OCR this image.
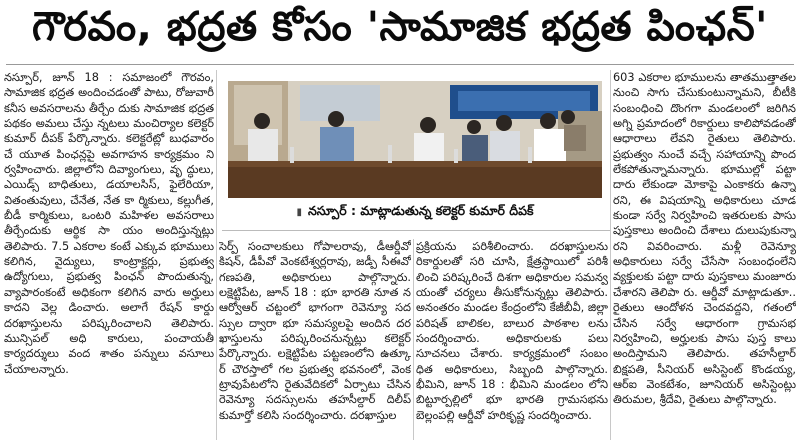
గౌరవం, భద్రత కోసం 'సామాజిక భద్రత పింఛన్'

నస్పూర్, జూన్ 18 : సమాజంలో గౌరవం, సామాజిక భద్రత అందించడంతో పాటు, రోజువారీ కనీస అవసరాలను తీర్చేం దుకు సామాజిక భద్రత పథకం అమలు చేస్తు న్నటలు మంచిర్యాల కలెక్టర్ కుమార్ దీపక్ పేర్కొన్నారు. కలెక్టరేట్లో బుధవారం చే యూత పింఛన్లపై అవగాహన కార్యక్రమం ని ర్వహించారు. జిల్లాలోని దివ్యాంగులు, వృ ద్ధులు, ఎయిడ్స్ బాధితులు, డయాలసిస్, ఫైలేరియా, వితంతువులు, చేనేత, నేత కా ర్మికులు, కల్లుగీత, బీడీ కార్మికులు, ఒంటరి మహిళల అవసరాలు తీర్చేందుకు ఆర్థిక సా యం అందిస్తున్నట్లు తెలిపారు. 7.5 ఎకరాల కంటే ఎక్కువ భూములు కలిగిన, వైద్యులు, కాంట్రాక్టర్లు, ప్రభుత్వ ఉద్యోగులు, ప్రభుత్వ పింఛన్ పొందుతున్న, వ్యాపారంకంటే అధికంగా కలిగిన వారు అర్హులు కాదని వెల్ల డించారు. అలాగే రేషన్ కార్డు దరఖాస్తులను పరిష్కరించాలని తెలిపారు. మున్సిపల్ అధి కారులు, పంచాయతీ కార్యదర్శులు వంద శాతం పన్నులు వసూలు చేయాలన్నారు.

▮ నస్పూర్ : మాట్లాడుతున్న కలెక్టర్ కుమార్ దీపక్

సెర్ప్ సంచాలకులు గోపాలరావు, డీఆర్డీవో కిషన్, డీపీవో వెంకటేశ్వర్లరావు, జడ్పీ సీఈవో గణపతి, అధికారులు పాల్గొన్నారు. లక్షెట్టిపేట, జూన్ 18 : భూ భారతి నూత న ఆర్వోఆర్ చట్టంలో భాగంగా రెవెన్యూ సద స్సుల ద్వారా భూ సమస్యలపై అందిన దర ఖాస్తులను పరిష్కరించనున్నట్లు కలెక్టర్ పేర్కొన్నారు. లక్షెట్టిపేట పట్టణంలోని ఉత్కూ ర్ చౌరస్తాలో గల ప్రభుత్వ భవనంలో, వెంక ట్రావుపేటలోని రైతువేదికలో ఏర్పాటు చేసిన రెవెన్యూ సదస్సులను తహసీల్దార్ దిలీప్ కుమార్తో కలిసి సందర్శించారు. దరఖాస్తుల

ప్రక్రియను పరిశీలించారు. దరఖాస్తులను రికార్డులతో సరి చూసి, క్షేత్రస్థాయిలో పరిశీ లించి పరిష్కరించే దిశగా అధికారుల సమన్వ యంతో చర్యలు తీసుకోనున్నట్లు తెలిపారు. అనంతరం మండల కేంద్రంలోని కేజీబీవీ, జిల్లా పరిషత్ బాలికల, బాలుర పాఠశాల లను సందర్శించారు. అధికారులకు పలు సూచనలు చేశారు. కార్యక్రమంలో సంబం ధిత అధికారులు, సిబ్బంది పాల్గొన్నారు. భీమిని, జూన్ 18 : భీమిని మండలం లోని బిట్టూర్పల్లిలో భూ భారతి గ్రామసభను బెల్లంపల్లి ఆర్డీవో హరికృష్ణ సందర్శించారు.

603 ఎకరాల భూములను తాతముత్తాతల నుంచి సాగు చేసుకుంటున్నామని, బీటీకి సంబంధించి దొంగగా మండలంలో జరిగిన అగ్ని ప్రమాదంలో రికార్డులు కాలిపోవడంతో ఆధారాలు లేవని రైతులు తెలిపారు. ప్రభుత్వం నుంచే వచ్చే సహాయాన్ని పొంద లేకపోతున్నామన్నారు. భూముల్లో పట్టా దారు లేకుండా మోకాపై ఎంకాకరు ఉన్నా రని, ఈ విషయాన్ని అధికారులు చూడ కుండా సర్వే నిర్వహించి ఇతరులకు పాసు పుస్తకాలు అందించి దేశాలు దులుపుకున్నా రని వివరించారు. మళ్లీ రెవెన్యూ అధికారులు సర్వే చేసేసా సంబంధంలేని వ్యక్తులకు పట్టా దారు పుస్తకాలు మంజూరు చేశారని తెలిపా రు. ఆర్డీవో మాట్లాడుతూ.. రైతులు ఆందోళన చెందవద్దని, గతంలో చేసిన సర్వే ఆధారంగా గ్రామసభ నిర్వహించి, అర్హులకు పాసు పుస్త కాలు అందిస్తామని తెలిపారు. తహసీల్దార్ బిక్షపతి, సీనియర్ అసిస్టెంట్ కొండయ్య, ఆర్ఐ వెంకటేశం, జూనియర్ అసిస్టెంట్లు తిరుమల, శ్రీదేవి, రైతులు పాల్గొన్నారు.
